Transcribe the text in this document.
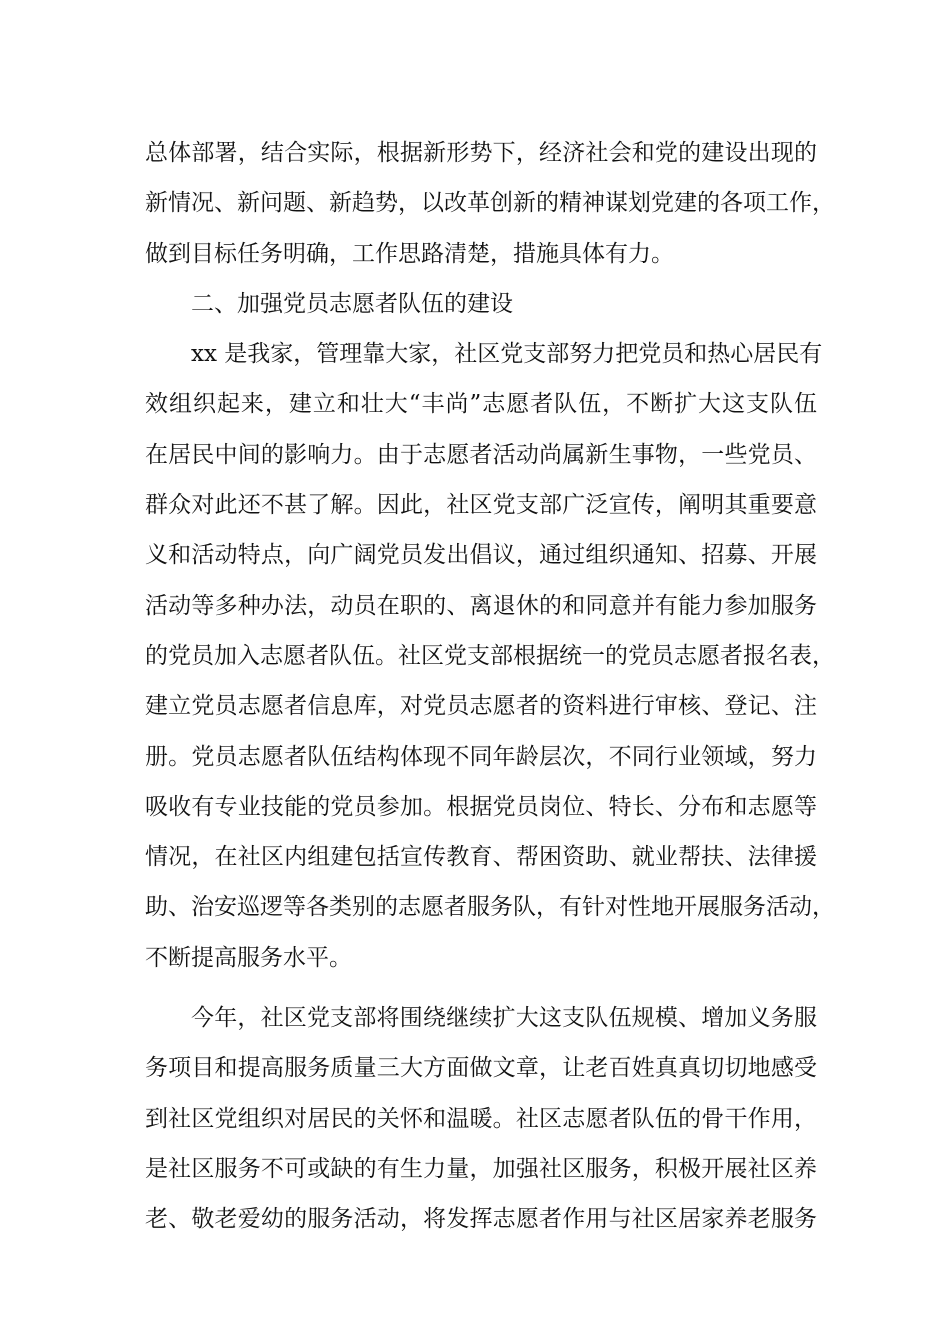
总体部署，结合实际，根据新形势下，经济社会和党的建设出现的
新情况、新问题、新趋势，以改革创新的精神谋划党建的各项工作，
做到目标任务明确，工作思路清楚，措施具体有力。
二、加强党员志愿者队伍的建设
xx 是我家，管理靠大家，社区党支部努力把党员和热心居民有
效组织起来，建立和壮大“丰尚”志愿者队伍，不断扩大这支队伍
在居民中间的影响力。由于志愿者活动尚属新生事物，一些党员、
群众对此还不甚了解。因此，社区党支部广泛宣传，阐明其重要意
义和活动特点，向广阔党员发出倡议，通过组织通知、招募、开展
活动等多种办法，动员在职的、离退休的和同意并有能力参加服务
的党员加入志愿者队伍。社区党支部根据统一的党员志愿者报名表，
建立党员志愿者信息库，对党员志愿者的资料进行审核、登记、注
册。党员志愿者队伍结构体现不同年龄层次，不同行业领域，努力
吸收有专业技能的党员参加。根据党员岗位、特长、分布和志愿等
情况，在社区内组建包括宣传教育、帮困资助、就业帮扶、法律援
助、治安巡逻等各类别的志愿者服务队，有针对性地开展服务活动，
不断提高服务水平。
今年，社区党支部将围绕继续扩大这支队伍规模、增加义务服
务项目和提高服务质量三大方面做文章，让老百姓真真切切地感受
到社区党组织对居民的关怀和温暖。社区志愿者队伍的骨干作用，
是社区服务不可或缺的有生力量，加强社区服务，积极开展社区养
老、敬老爱幼的服务活动，将发挥志愿者作用与社区居家养老服务
